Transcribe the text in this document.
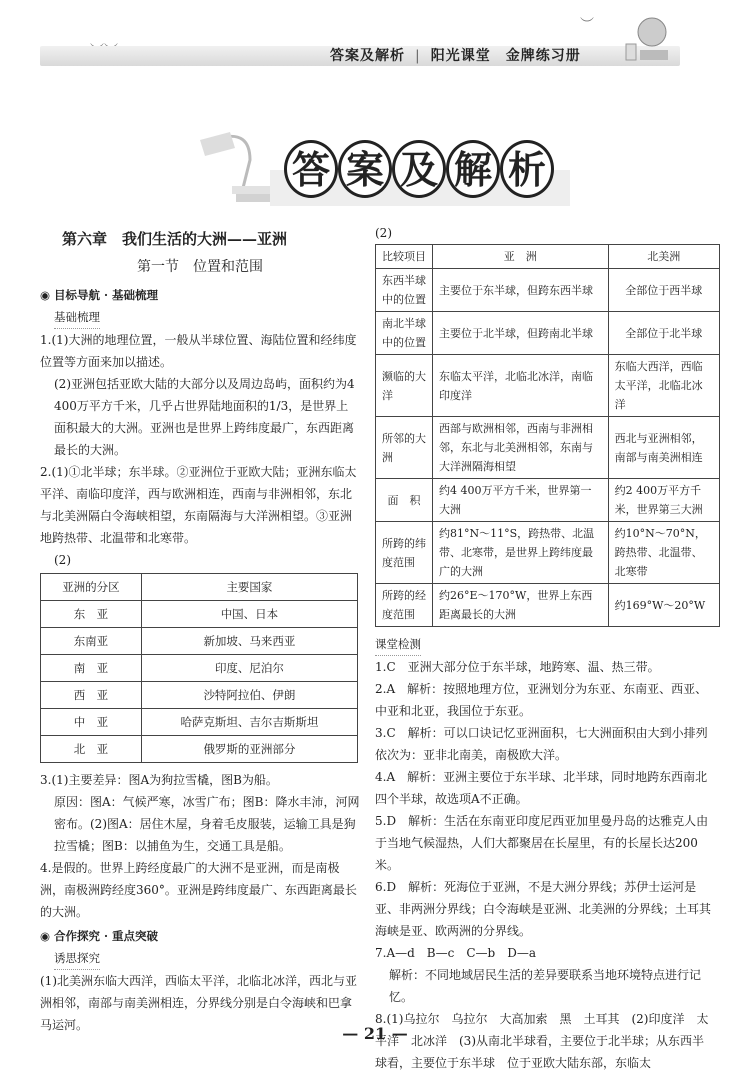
︶
答案及解析 | 阳光课堂　金牌练习册
答 案 及 解 析
第六章　我们生活的大洲——亚洲
第一节　位置和范围
◉ 目标导航 · 基础梳理
基础梳理

1.(1)大洲的地理位置，一般从半球位置、海陆位置和经纬度位置等方面来加以描述。

(2)亚洲包括亚欧大陆的大部分以及周边岛屿，面积约为4 400万平方千米，几乎占世界陆地面积的1/3，是世界上面积最大的大洲。亚洲也是世界上跨纬度最广，东西距离最长的大洲。

2.(1)①北半球；东半球。②亚洲位于亚欧大陆；亚洲东临太平洋、南临印度洋，西与欧洲相连，西南与非洲相邻，东北与北美洲隔白令海峡相望，东南隔海与大洋洲相望。③亚洲地跨热带、北温带和北寒带。

(2)

亚洲的分区	主要国家
东　亚	中国、日本
东南亚	新加坡、马来西亚
南　亚	印度、尼泊尔
西　亚	沙特阿拉伯、伊朗
中　亚	哈萨克斯坦、吉尔吉斯斯坦
北　亚	俄罗斯的亚洲部分

3.(1)主要差异：图A为狗拉雪橇，图B为船。

原因：图A：气候严寒，冰雪广布；图B：降水丰沛，河网密布。(2)图A：居住木屋，身着毛皮服装，运输工具是狗拉雪橇；图B：以捕鱼为生，交通工具是船。

4.是假的。世界上跨经度最广的大洲不是亚洲，而是南极洲，南极洲跨经度360°。亚洲是跨纬度最广、东西距离最长的大洲。

◉ 合作探究 · 重点突破
诱思探究

(1)北美洲东临大西洋，西临太平洋，北临北冰洋，西北与亚洲相邻，南部与南美洲相连，分界线分别是白令海峡和巴拿马运河。

(2)
比较项目	亚　洲	北美洲
东西半球中的位置	主要位于东半球，但跨东西半球	全部位于西半球
南北半球中的位置	主要位于北半球，但跨南北半球	全部位于北半球
濒临的大洋	东临太平洋，北临北冰洋，南临印度洋	东临大西洋，西临太平洋，北临北冰洋
所邻的大洲	西部与欧洲相邻，西南与非洲相邻，东北与北美洲相邻，东南与大洋洲隔海相望	西北与亚洲相邻，南部与南美洲相连
面　积	约4 400万平方千米，世界第一大洲	约2 400万平方千米，世界第三大洲
所跨的纬度范围	约81°N～11°S，跨热带、北温带、北寒带，是世界上跨纬度最广的大洲	约10°N～70°N，跨热带、北温带、北寒带
所跨的经度范围	约26°E～170°W，世界上东西距离最长的大洲	约169°W～20°W
课堂检测

1.C　亚洲大部分位于东半球，地跨寒、温、热三带。

2.A　解析：按照地理方位，亚洲划分为东亚、东南亚、西亚、中亚和北亚，我国位于东亚。

3.C　解析：可以口诀记忆亚洲面积，七大洲面积由大到小排列依次为：亚非北南美，南极欧大洋。

4.A　解析：亚洲主要位于东半球、北半球，同时地跨东西南北四个半球，故选项A不正确。

5.D　解析：生活在东南亚印度尼西亚加里曼丹岛的达雅克人由于当地气候湿热，人们大都聚居在长屋里，有的长屋长达200米。

6.D　解析：死海位于亚洲，不是大洲分界线；苏伊士运河是亚、非两洲分界线；白令海峡是亚洲、北美洲的分界线；土耳其海峡是亚、欧两洲的分界线。

7.A—d　B—c　C—b　D—a

解析：不同地域居民生活的差异要联系当地环境特点进行记忆。

8.(1)乌拉尔　乌拉尔　大高加索　黑　土耳其　(2)印度洋　太平洋　北冰洋　(3)从南北半球看，主要位于北半球；从东西半球看，主要位于东半球　位于亚欧大陆东部，东临太

— 21 —
